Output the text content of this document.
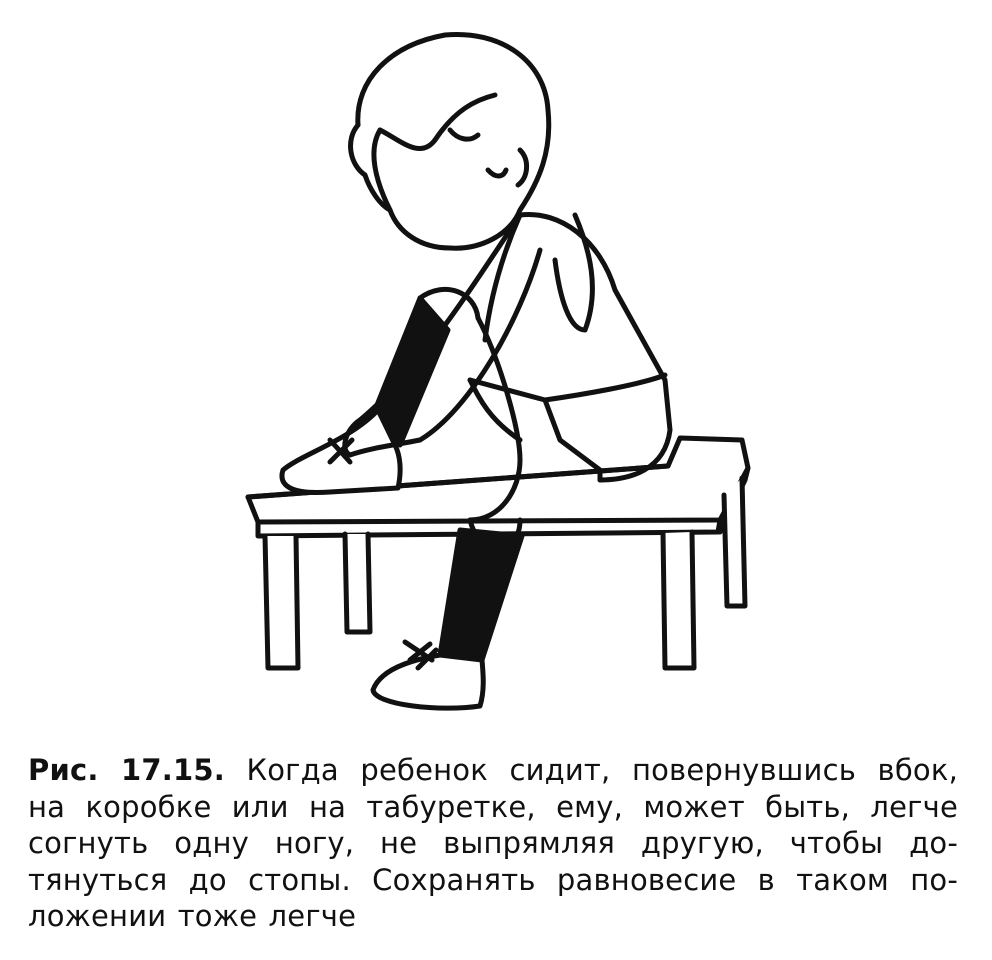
Рис. 17.15. Когда ребенок сидит, повернувшись вбок,
на коробке или на табуретке, ему, может быть, легче
согнуть одну ногу, не выпрямляя другую, чтобы до-
тянуться до стопы. Сохранять равновесие в таком по-
ложении тоже легче
